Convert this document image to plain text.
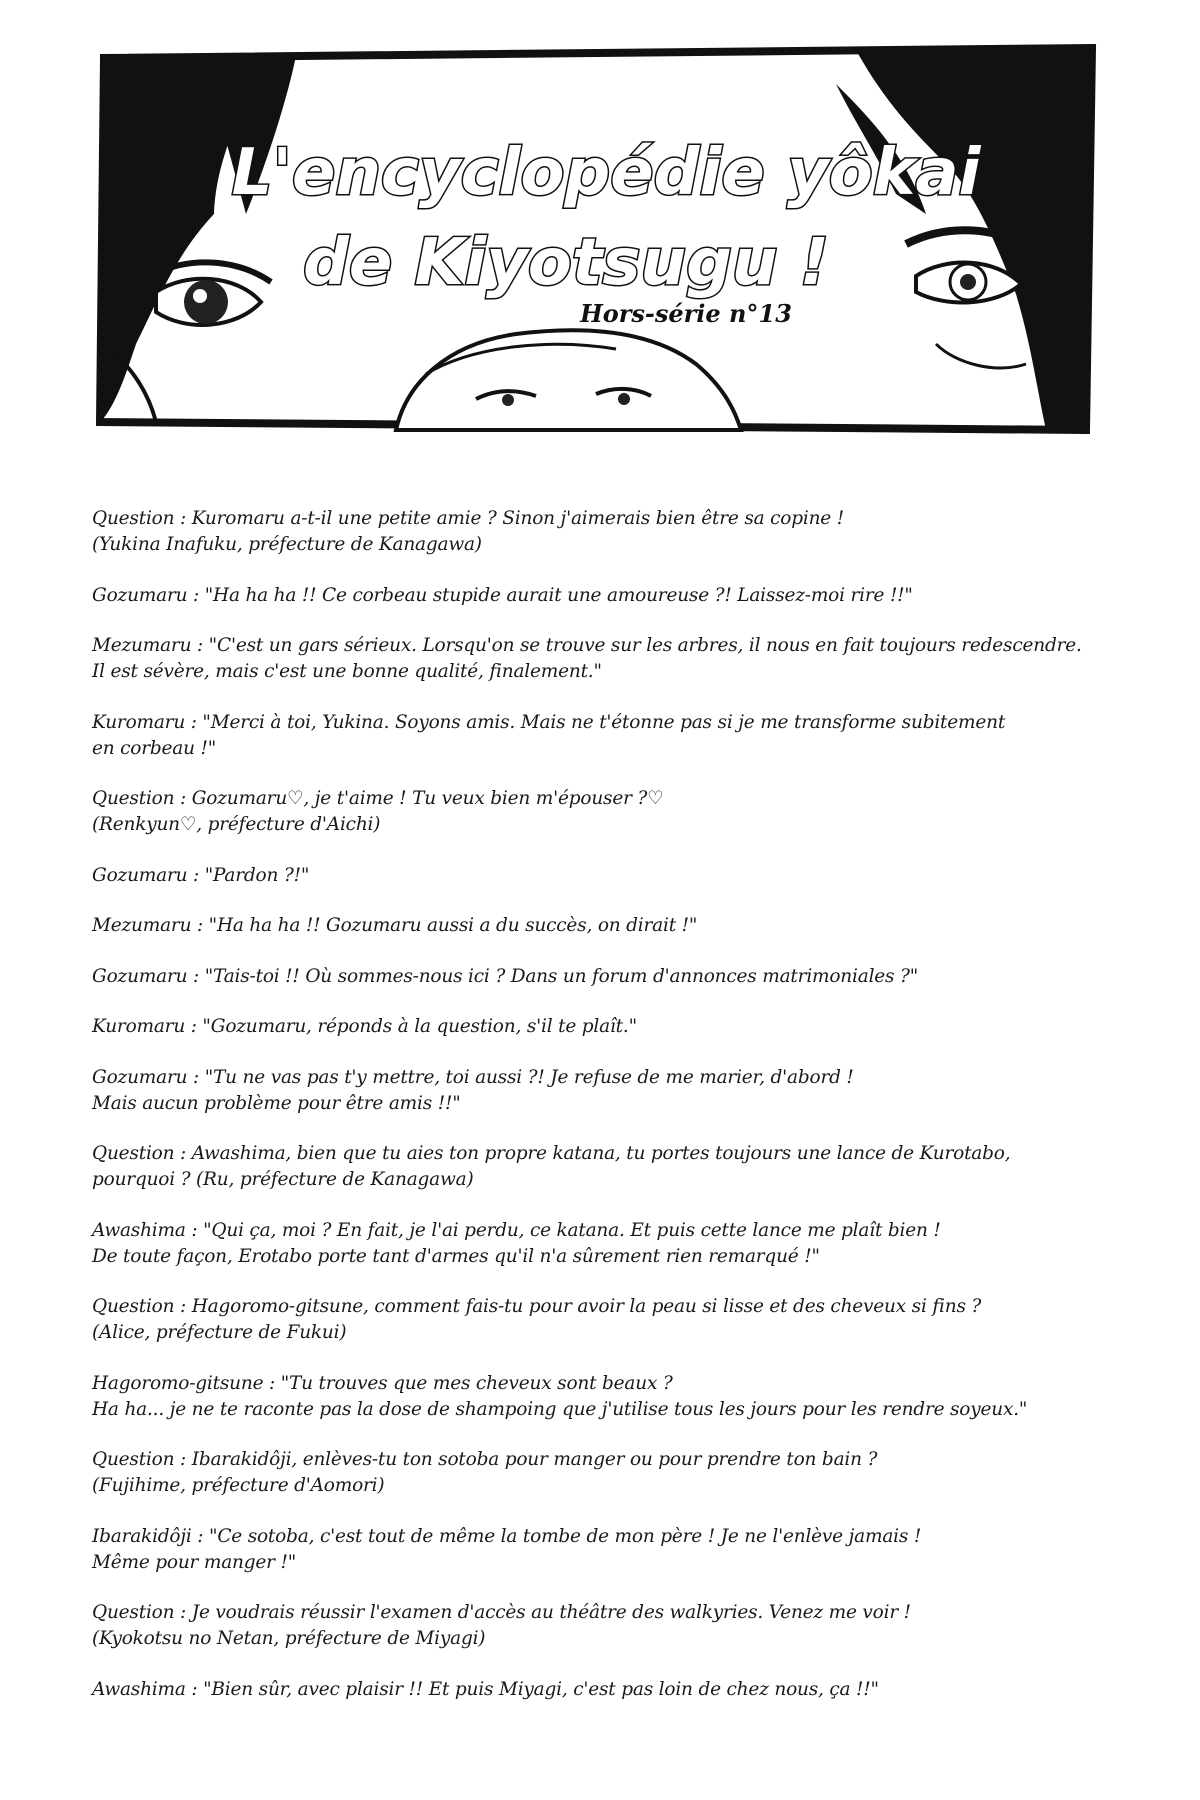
L'encyclopédie yôkai
de Kiyotsugu !
Hors-série n°13
Question : Kuromaru a-t-il une petite amie ? Sinon j'aimerais bien être sa copine !
(Yukina Inafuku, préfecture de Kanagawa)
Gozumaru : "Ha ha ha !! Ce corbeau stupide aurait une amoureuse ?! Laissez-moi rire !!"
Mezumaru : "C'est un gars sérieux. Lorsqu'on se trouve sur les arbres, il nous en fait toujours redescendre.
Il est sévère, mais c'est une bonne qualité, finalement."
Kuromaru : "Merci à toi, Yukina. Soyons amis. Mais ne t'étonne pas si je me transforme subitement
en corbeau !"
Question : Gozumaru♡, je t'aime ! Tu veux bien m'épouser ?♡
(Renkyun♡, préfecture d'Aichi)
Gozumaru : "Pardon ?!"
Mezumaru : "Ha ha ha !! Gozumaru aussi a du succès, on dirait !"
Gozumaru : "Tais-toi !! Où sommes-nous ici ? Dans un forum d'annonces matrimoniales ?"
Kuromaru : "Gozumaru, réponds à la question, s'il te plaît."
Gozumaru : "Tu ne vas pas t'y mettre, toi aussi ?! Je refuse de me marier, d'abord !
Mais aucun problème pour être amis !!"
Question : Awashima, bien que tu aies ton propre katana, tu portes toujours une lance de Kurotabo,
pourquoi ? (Ru, préfecture de Kanagawa)
Awashima : "Qui ça, moi ? En fait, je l'ai perdu, ce katana. Et puis cette lance me plaît bien !
De toute façon, Erotabo porte tant d'armes qu'il n'a sûrement rien remarqué !"
Question : Hagoromo-gitsune, comment fais-tu pour avoir la peau si lisse et des cheveux si fins ?
(Alice, préfecture de Fukui)
Hagoromo-gitsune : "Tu trouves que mes cheveux sont beaux ?
Ha ha... je ne te raconte pas la dose de shampoing que j'utilise tous les jours pour les rendre soyeux."
Question : Ibarakidôji, enlèves-tu ton sotoba pour manger ou pour prendre ton bain ?
(Fujihime, préfecture d'Aomori)
Ibarakidôji : "Ce sotoba, c'est tout de même la tombe de mon père ! Je ne l'enlève jamais !
Même pour manger !"
Question : Je voudrais réussir l'examen d'accès au théâtre des walkyries. Venez me voir !
(Kyokotsu no Netan, préfecture de Miyagi)
Awashima : "Bien sûr, avec plaisir !! Et puis Miyagi, c'est pas loin de chez nous, ça !!"
